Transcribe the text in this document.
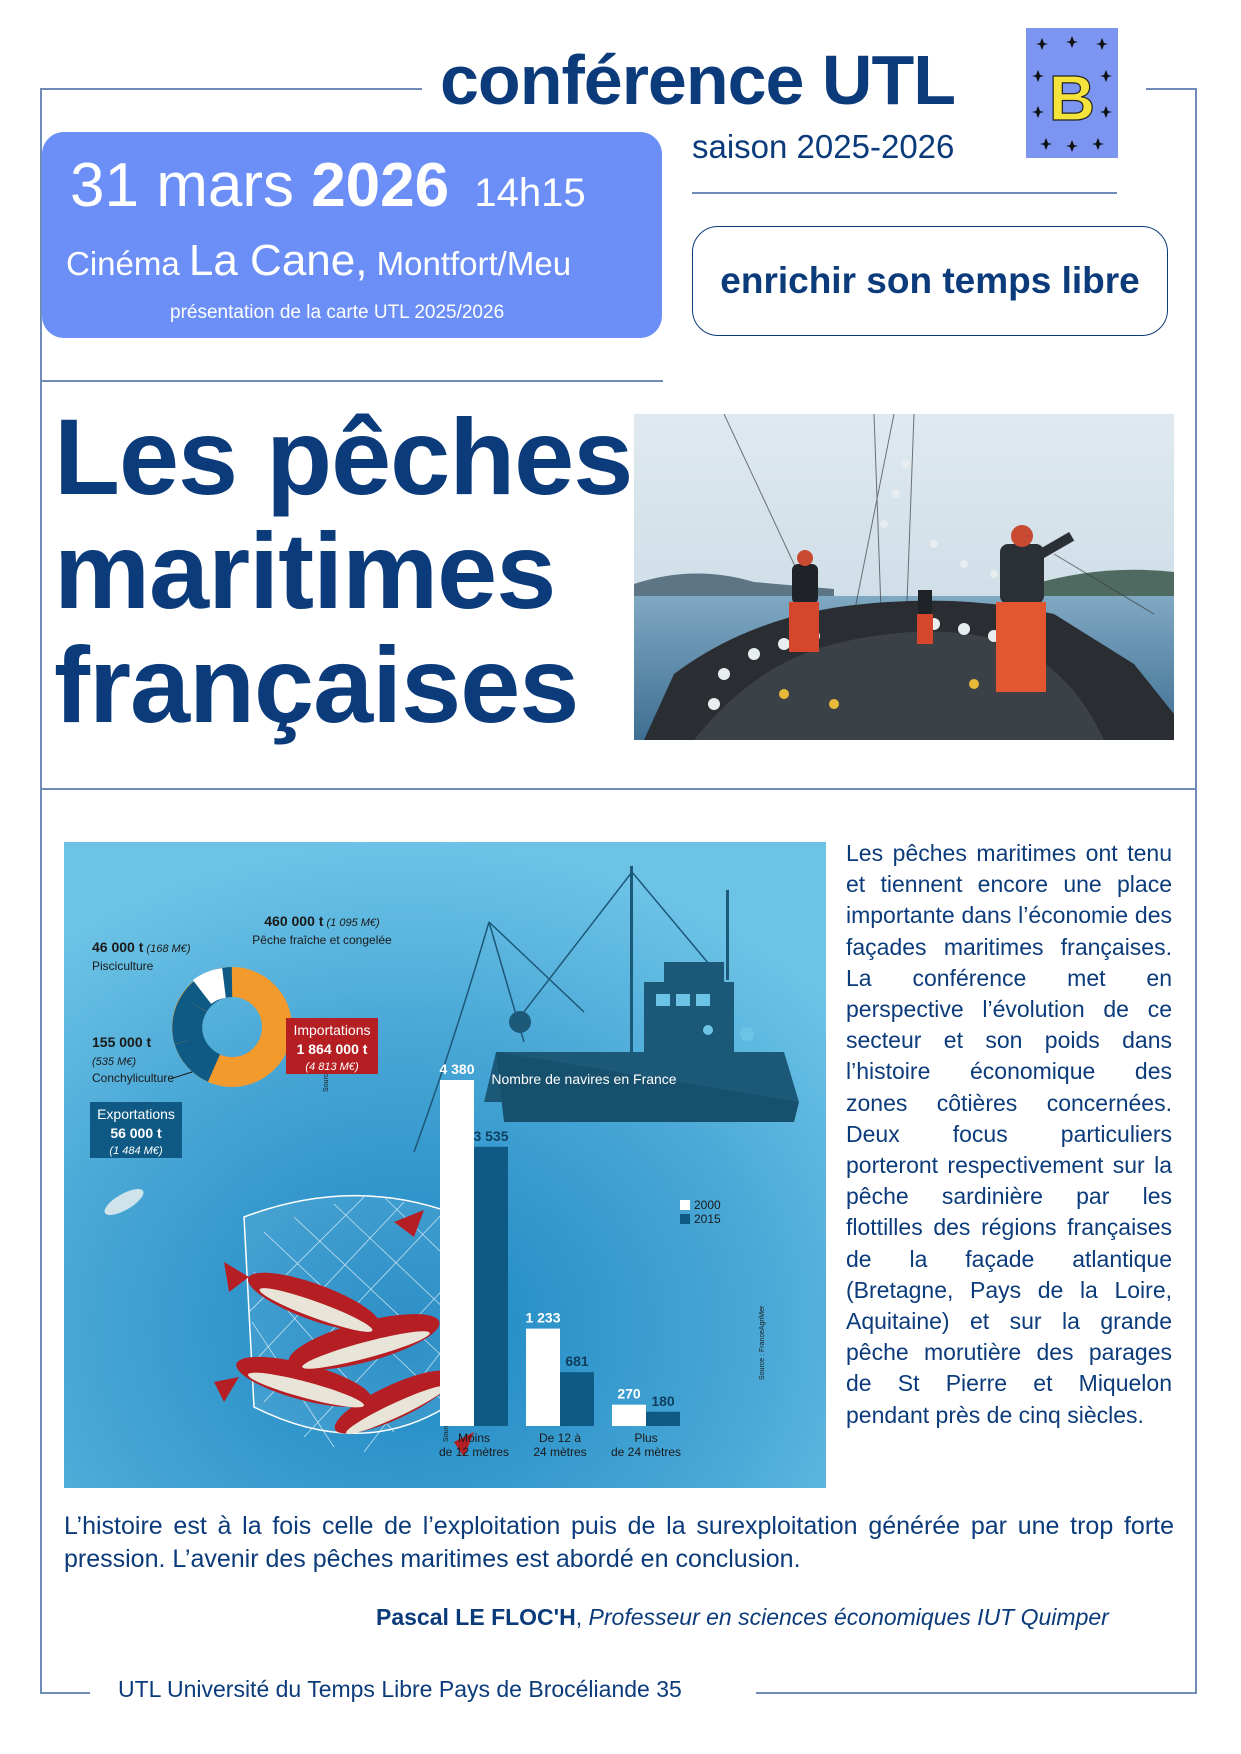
conférence UTL
saison 2025-2026
B
31 mars 2026 14h15
Cinéma La Cane, Montfort/Meu
présentation de la carte UTL 2025/2026
enrichir son temps libre
Les pêches
maritimes
françaises
460 000 t (1 095 M€)
Pêche fraîche et congelée
46 000 t (168 M€)
Pisciculture
155 000 t
(535 M€)
Conchyliculture
Importations
1 864 000 t
(4 813 M€)
Exportations
56 000 t
(1 484 M€)
Nombre de navires en France
4 380
3 535
Moins
de 12 mètres
1 233
681
De 12 à
24 mètres
270 180
Plus
de 24 mètres
2000
2015
Source : FranceAgriMer
Les pêches maritimes ont tenu et tiennent encore une place importante dans l’économie des façades maritimes françaises. La conférence met en perspective l’évolution de ce secteur et son poids dans l’histoire économique des zones côtières concernées. Deux focus particuliers porteront respectivement sur la pêche sardinière par les flottilles des régions françaises de la façade atlantique (Bretagne, Pays de la Loire, Aquitaine) et sur la grande pêche morutière des parages de St Pierre et Miquelon pendant près de cinq siècles.
L’histoire est à la fois celle de l’exploitation puis de la surexploitation générée par une trop forte pression. L’avenir des pêches maritimes est abordé en conclusion.
Pascal LE FLOC'H, Professeur en sciences économiques IUT Quimper
UTL Université du Temps Libre Pays de Brocéliande 35
